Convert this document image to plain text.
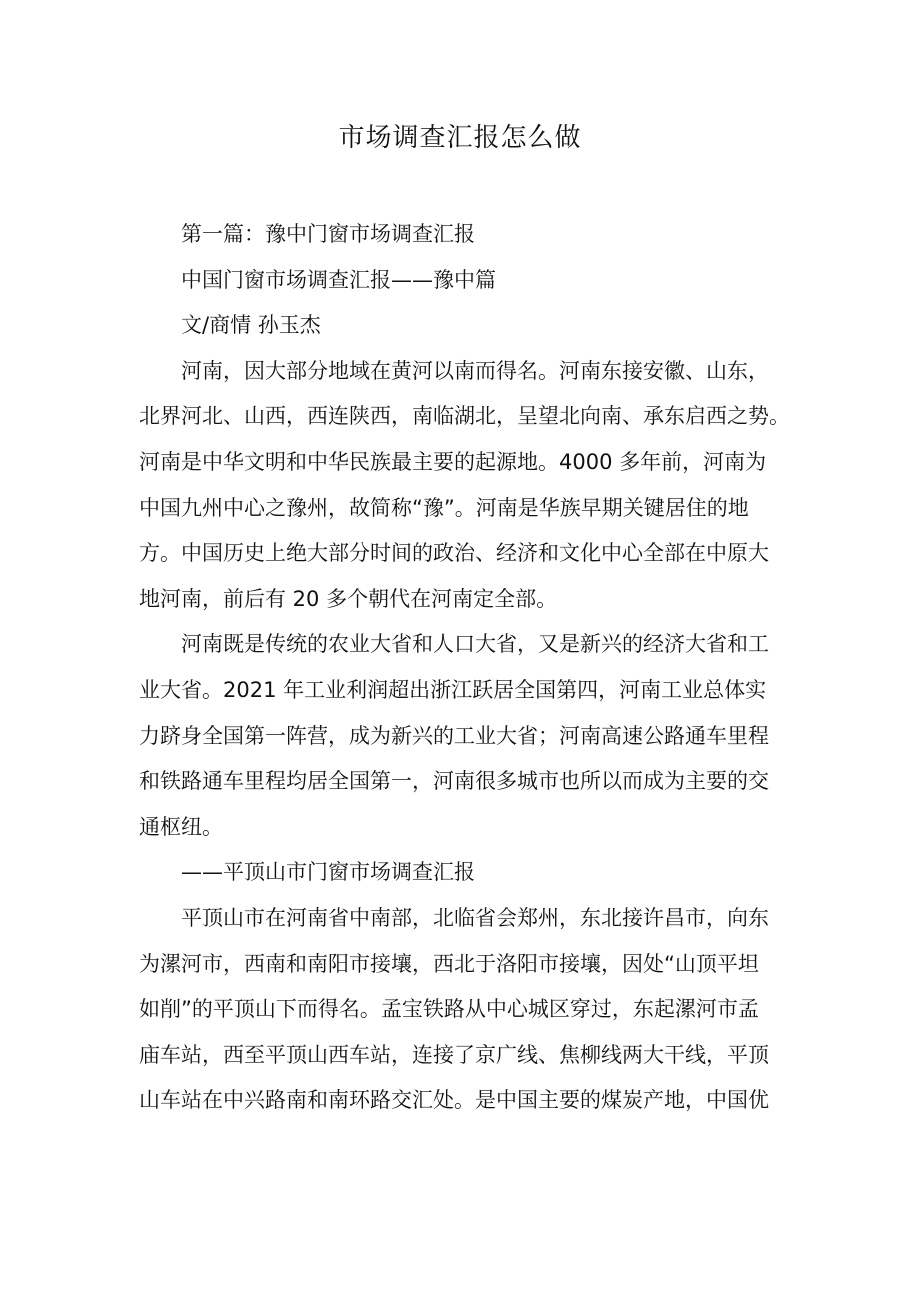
市场调查汇报怎么做
第一篇：豫中门窗市场调查汇报
中国门窗市场调查汇报——豫中篇
文/商情 孙玉杰
河南，因大部分地域在黄河以南而得名。河南东接安徽、山东，
北界河北、山西，西连陕西，南临湖北，呈望北向南、承东启西之势。
河南是中华文明和中华民族最主要的起源地。4000 多年前，河南为
中国九州中心之豫州，故简称“豫”。河南是华族早期关键居住的地
方。中国历史上绝大部分时间的政治、经济和文化中心全部在中原大
地河南，前后有 20 多个朝代在河南定全部。
河南既是传统的农业大省和人口大省，又是新兴的经济大省和工
业大省。2021 年工业利润超出浙江跃居全国第四，河南工业总体实
力跻身全国第一阵营，成为新兴的工业大省；河南高速公路通车里程
和铁路通车里程均居全国第一，河南很多城市也所以而成为主要的交
通枢纽。
——平顶山市门窗市场调查汇报
平顶山市在河南省中南部，北临省会郑州，东北接许昌市，向东
为漯河市，西南和南阳市接壤，西北于洛阳市接壤，因处“山顶平坦
如削”的平顶山下而得名。孟宝铁路从中心城区穿过，东起漯河市孟
庙车站，西至平顶山西车站，连接了京广线、焦柳线两大干线，平顶
山车站在中兴路南和南环路交汇处。是中国主要的煤炭产地，中国优
